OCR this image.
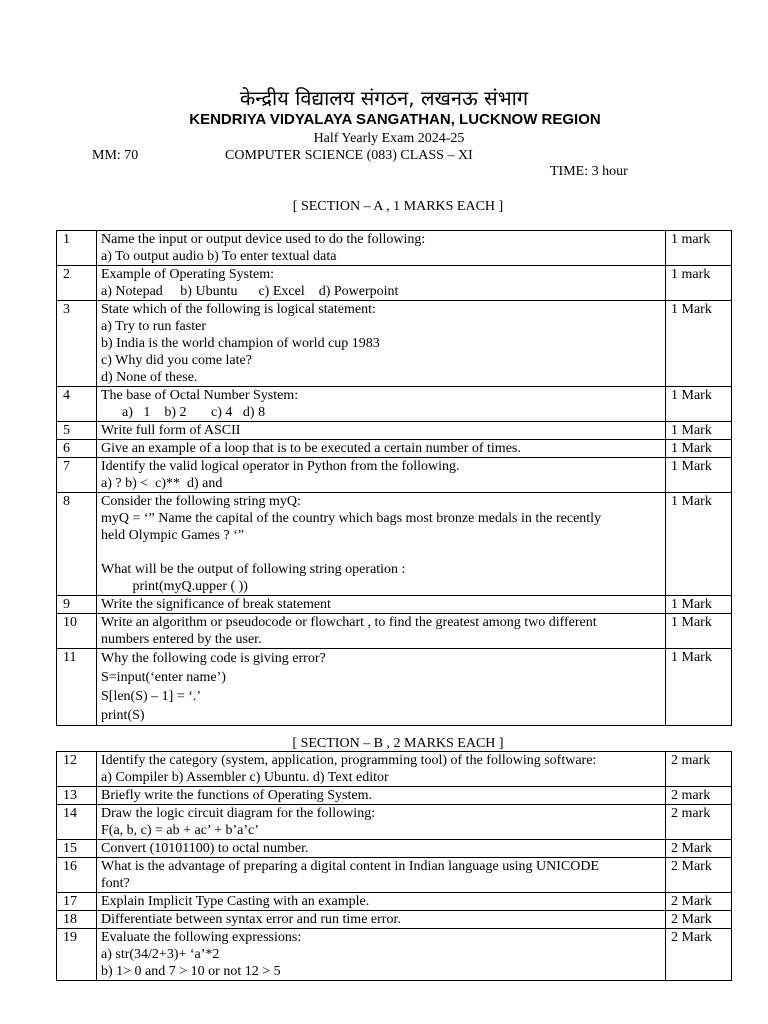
केन्द्रीय विद्यालय संगठन, लखनऊ संभाग
KENDRIYA VIDYALAYA SANGATHAN, LUCKNOW REGION
Half Yearly Exam 2024-25
MM: 70	COMPUTER SCIENCE (083) CLASS – XI
TIME: 3 hour
[ SECTION – A , 1 MARKS EACH ]
1	Name the input or output device used to do the following:
a) To output audio b) To enter textual data	1 mark
2	Example of Operating System:
a) Notepad     b) Ubuntu      c) Excel    d) Powerpoint	1 mark
3	State which of the following is logical statement:
a) Try to run faster
b) India is the world champion of world cup 1983
c) Why did you come late?
d) None of these.	1 Mark
4	The base of Octal Number System:
a)   1    b) 2       c) 4   d) 8	1 Mark
5	Write full form of ASCII	1 Mark
6	Give an example of a loop that is to be executed a certain number of times.	1 Mark
7	Identify the valid logical operator in Python from the following.
a) ? b) <  c)**  d) and	1 Mark
8	Consider the following string myQ:
myQ = ‘” Name the capital of the country which bags most bronze medals in the recently
held Olympic Games ? ‘”
What will be the output of following string operation :
print(myQ.upper ( ))	1 Mark
9	Write the significance of break statement	1 Mark
10	Write an algorithm or pseudocode or flowchart , to find the greatest among two different
numbers entered by the user.	1 Mark
11	Why the following code is giving error?
S=input(‘enter name’)
S[len(S) – 1] = ‘.’
print(S)	1 Mark
[ SECTION – B , 2 MARKS EACH ]
12	Identify the category (system, application, programming tool) of the following software:
a) Compiler b) Assembler c) Ubuntu. d) Text editor	2 mark
13	Briefly write the functions of Operating System.	2 mark
14	Draw the logic circuit diagram for the following:
F(a, b, c) = ab + ac’ + b’a’c’	2 mark
15	Convert (10101100) to octal number.	2 Mark
16	What is the advantage of preparing a digital content in Indian language using UNICODE
font?	2 Mark
17	Explain Implicit Type Casting with an example.	2 Mark
18	Differentiate between syntax error and run time error.	2 Mark
19	Evaluate the following expressions:
a) str(34/2+3)+ ‘a’*2
b) 1> 0 and 7 > 10 or not 12 > 5	2 Mark
